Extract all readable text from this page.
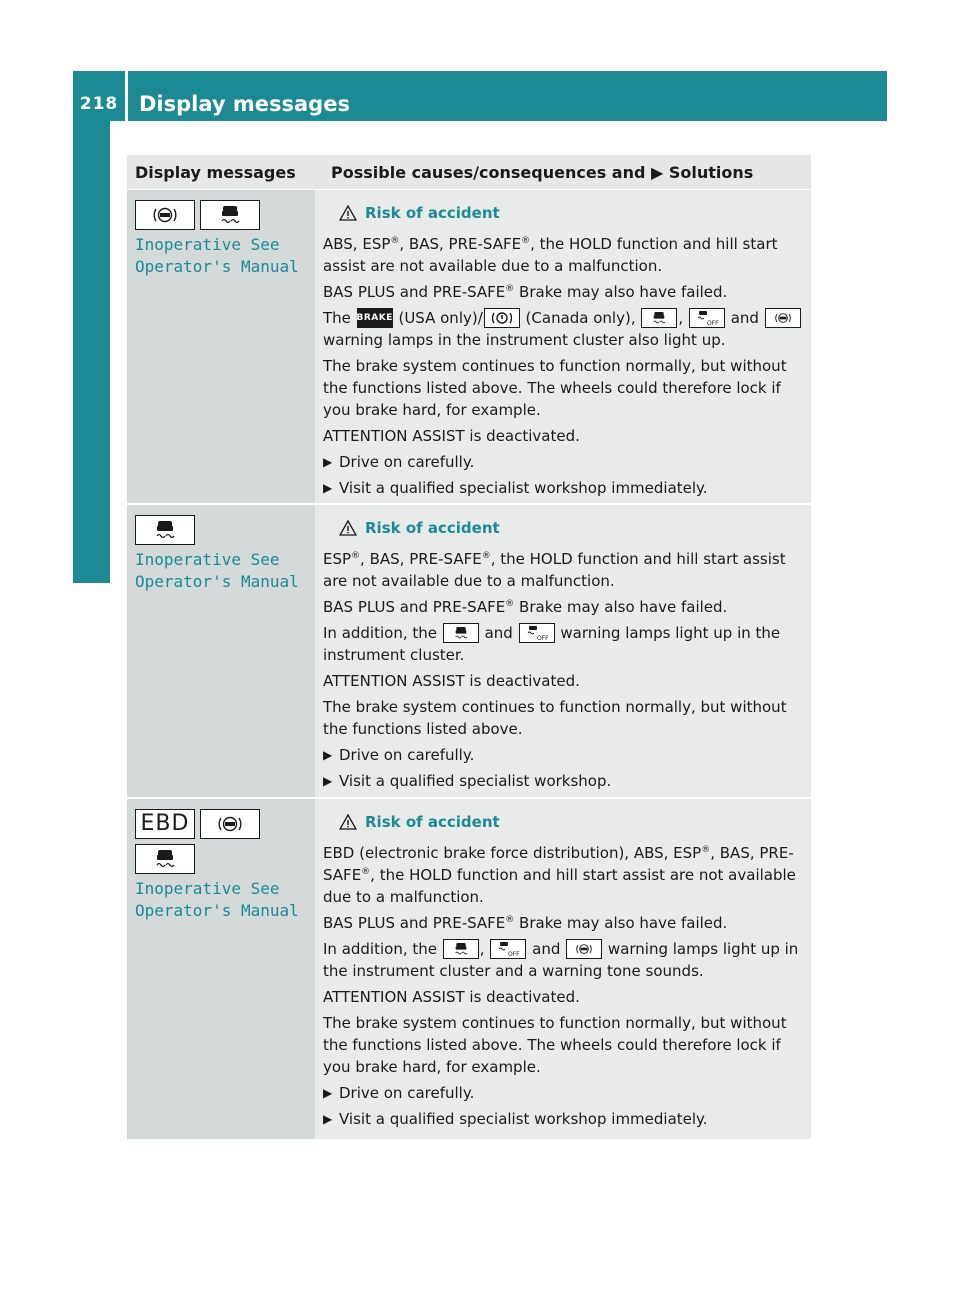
218 Display messages
On-board computer and displays	Display messages	Possible causes/consequences and ▶ Solutions
Inoperative See
Operator's Manual
Risk of accident
ABS, ESP®, BAS, PRE-SAFE®, the HOLD function and hill start assist are not available due to a malfunction.
BAS PLUS and PRE-SAFE® Brake may also have failed.
The BRAKE (USA only)/	(Canada only),	,	OFF and
warning lamps in the instrument cluster also light up.
The brake system continues to function normally, but without the functions listed above. The wheels could therefore lock if you brake hard, for example.
ATTENTION ASSIST is deactivated.
▶ Drive on carefully.
▶ Visit a qualified specialist workshop immediately.
Inoperative See
Operator's Manual
Risk of accident
ESP®, BAS, PRE-SAFE®, the HOLD function and hill start assist are not available due to a malfunction.
BAS PLUS and PRE-SAFE® Brake may also have failed.
In addition, the	and	OFF warning lamps light up in the instrument cluster.
ATTENTION ASSIST is deactivated.
The brake system continues to function normally, but without the functions listed above.
▶ Drive on carefully.
▶ Visit a qualified specialist workshop.
EBD
Inoperative See
Operator's Manual
Risk of accident
EBD (electronic brake force distribution), ABS, ESP®, BAS, PRE-SAFE®, the HOLD function and hill start assist are not available due to a malfunction.
BAS PLUS and PRE-SAFE® Brake may also have failed.
In addition, the	,	OFF and	warning lamps light up in the instrument cluster and a warning tone sounds.
ATTENTION ASSIST is deactivated.
The brake system continues to function normally, but without the functions listed above. The wheels could therefore lock if you brake hard, for example.
▶ Drive on carefully.
▶ Visit a qualified specialist workshop immediately.
